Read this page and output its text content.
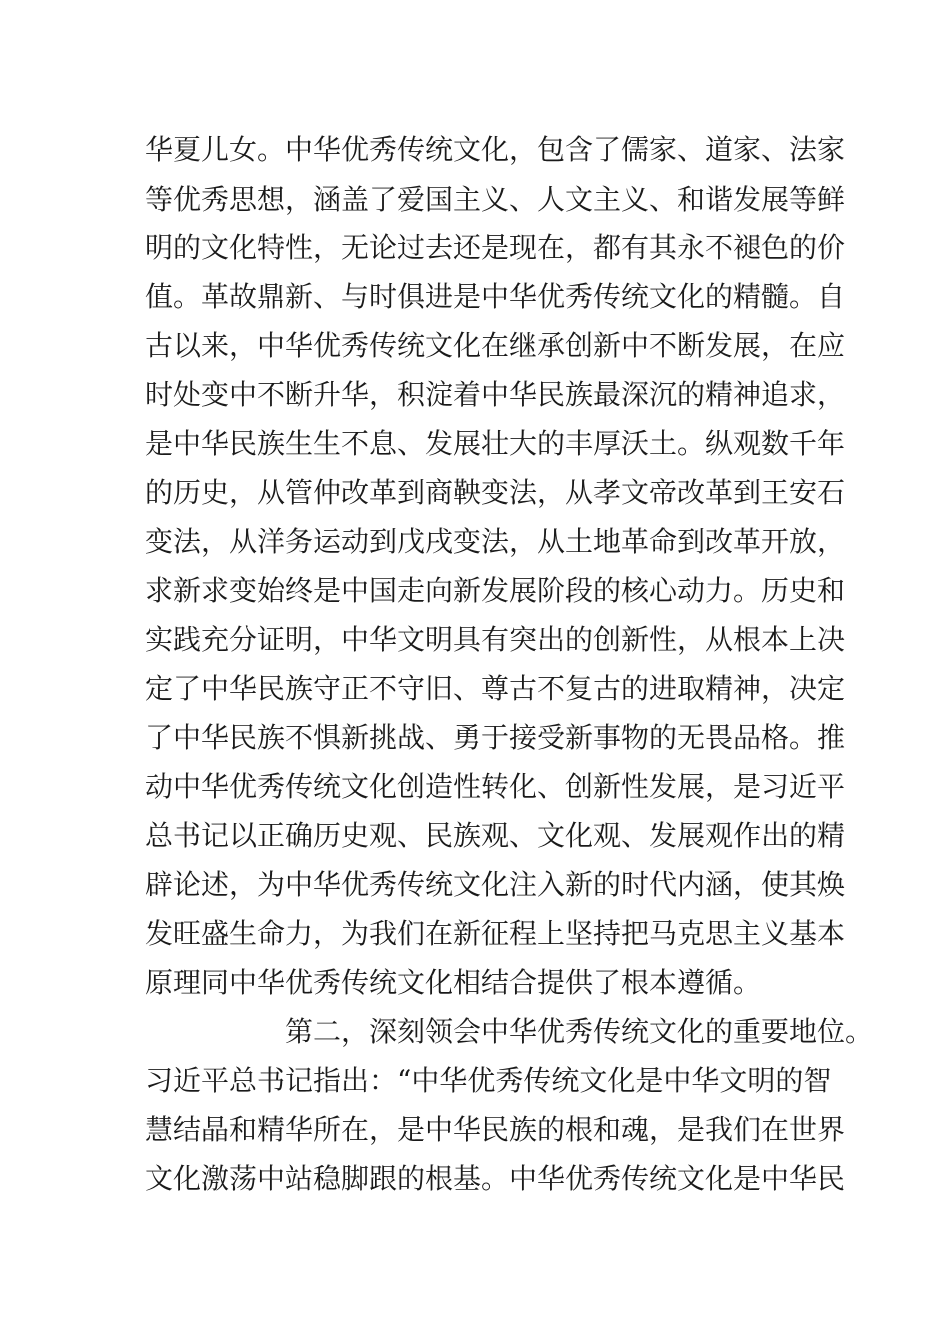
华夏儿女。中华优秀传统文化，包含了儒家、道家、法家

等优秀思想，涵盖了爱国主义、人文主义、和谐发展等鲜

明的文化特性，无论过去还是现在，都有其永不褪色的价

值。革故鼎新、与时俱进是中华优秀传统文化的精髓。自

古以来，中华优秀传统文化在继承创新中不断发展，在应

时处变中不断升华，积淀着中华民族最深沉的精神追求，

是中华民族生生不息、发展壮大的丰厚沃土。纵观数千年

的历史，从管仲改革到商鞅变法，从孝文帝改革到王安石

变法，从洋务运动到戊戌变法，从土地革命到改革开放，

求新求变始终是中国走向新发展阶段的核心动力。历史和

实践充分证明，中华文明具有突出的创新性，从根本上决

定了中华民族守正不守旧、尊古不复古的进取精神，决定

了中华民族不惧新挑战、勇于接受新事物的无畏品格。推

动中华优秀传统文化创造性转化、创新性发展，是习近平

总书记以正确历史观、民族观、文化观、发展观作出的精

辟论述，为中华优秀传统文化注入新的时代内涵，使其焕

发旺盛生命力，为我们在新征程上坚持把马克思主义基本

原理同中华优秀传统文化相结合提供了根本遵循。

第二，深刻领会中华优秀传统文化的重要地位。

习近平总书记指出：“中华优秀传统文化是中华文明的智

慧结晶和精华所在，是中华民族的根和魂，是我们在世界

文化激荡中站稳脚跟的根基。中华优秀传统文化是中华民
